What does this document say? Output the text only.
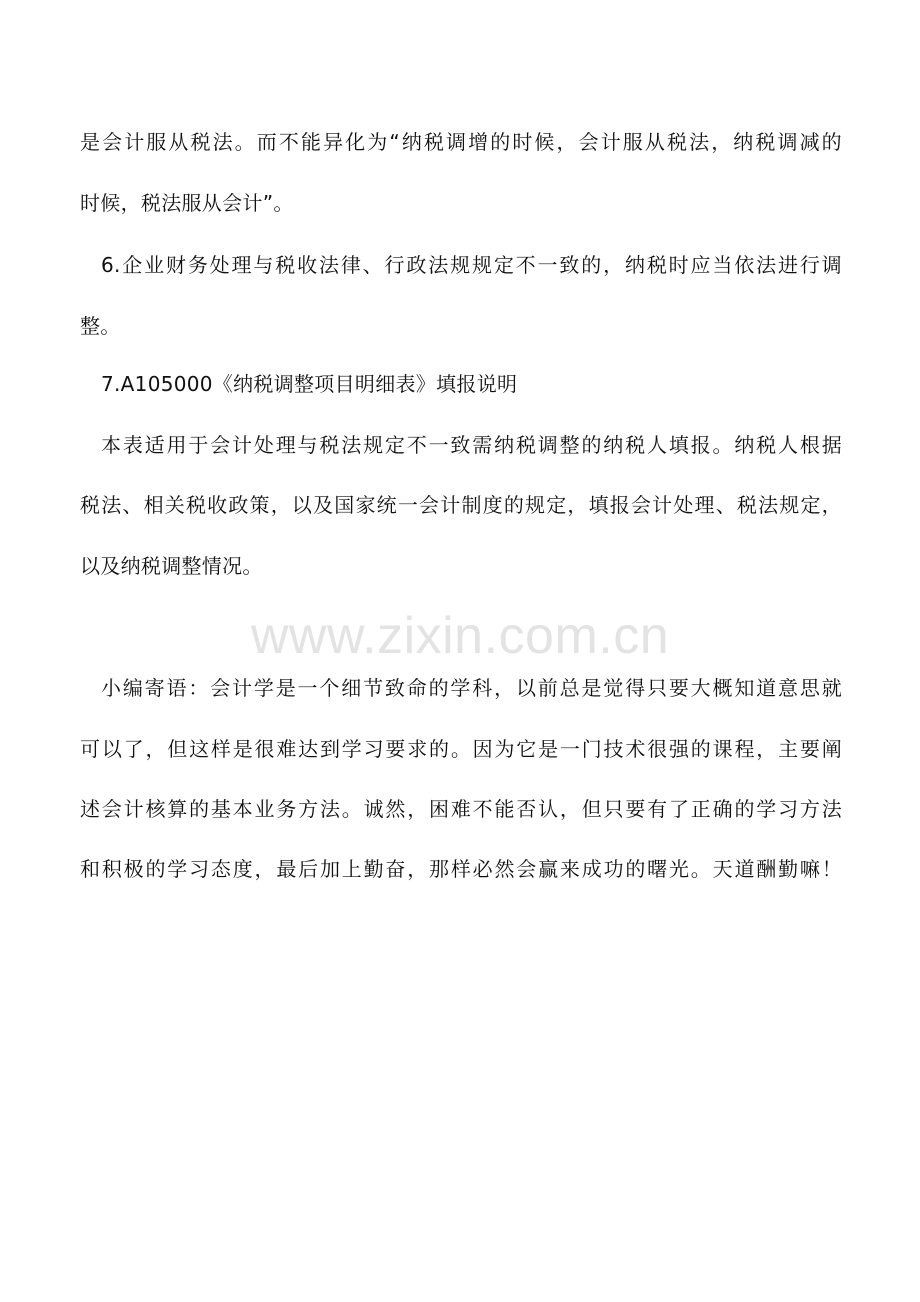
是会计服从税法。而不能异化为“纳税调增的时候，会计服从税法，纳税调减的
时候，税法服从会计”。
6.企业财务处理与税收法律、行政法规规定不一致的，纳税时应当依法进行调
整。
7.A105000《纳税调整项目明细表》填报说明
本表适用于会计处理与税法规定不一致需纳税调整的纳税人填报。纳税人根据
税法、相关税收政策，以及国家统一会计制度的规定，填报会计处理、税法规定，
以及纳税调整情况。
www.zixin.com.cn
小编寄语：会计学是一个细节致命的学科，以前总是觉得只要大概知道意思就
可以了，但这样是很难达到学习要求的。因为它是一门技术很强的课程，主要阐
述会计核算的基本业务方法。诚然，困难不能否认，但只要有了正确的学习方法
和积极的学习态度，最后加上勤奋，那样必然会赢来成功的曙光。天道酬勤嘛！
